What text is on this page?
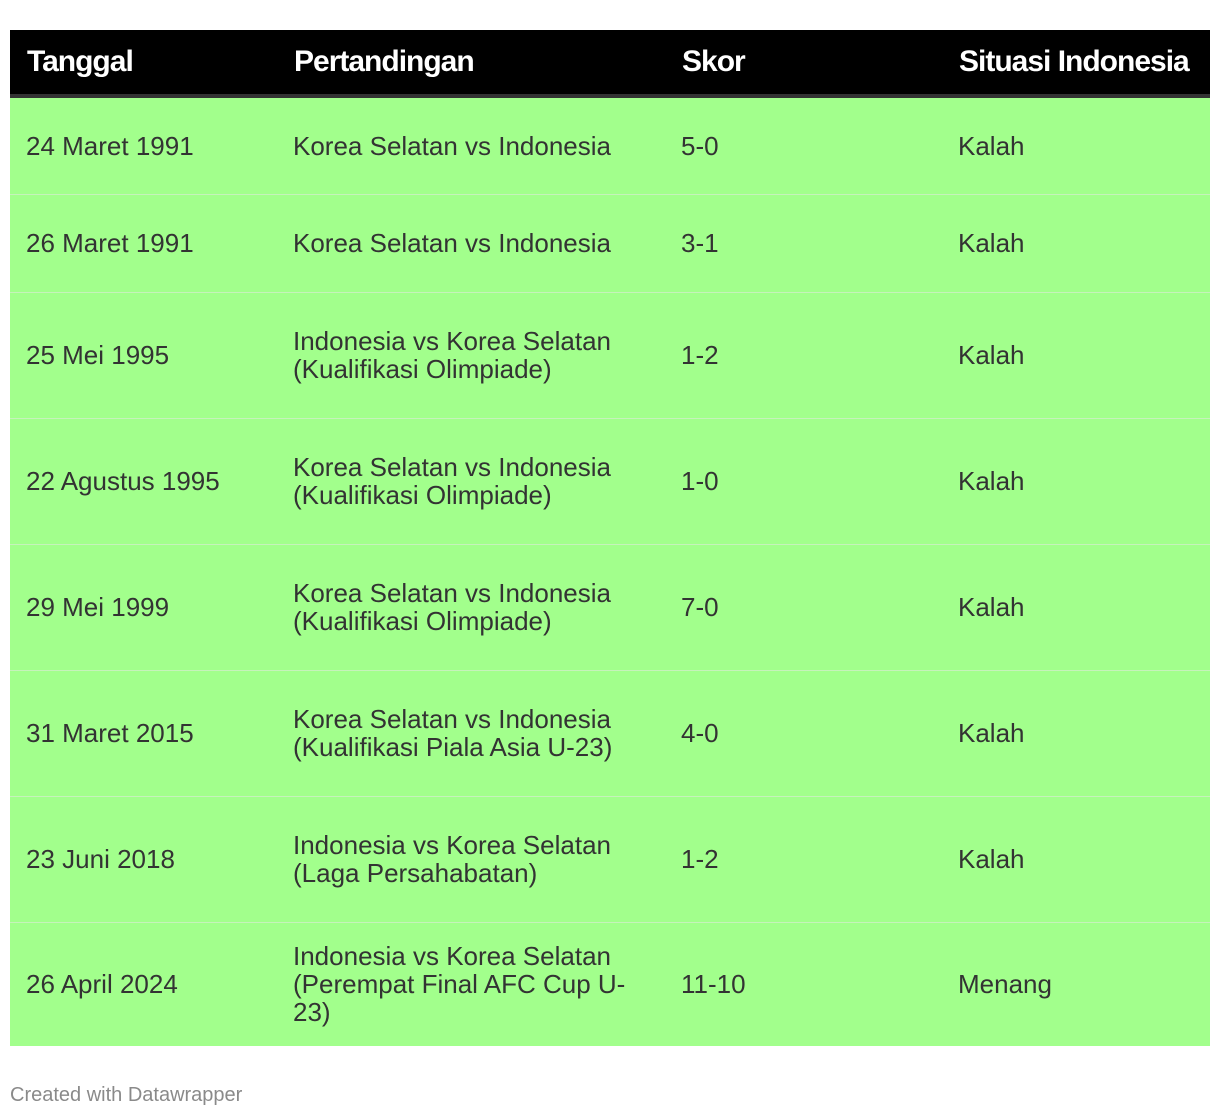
Tanggal	Pertandingan	Skor	Situasi Indonesia
24 Maret 1991	Korea Selatan vs Indonesia	5-0	Kalah
26 Maret 1991	Korea Selatan vs Indonesia	3-1	Kalah
25 Mei 1995	Indonesia vs Korea Selatan (Kualifikasi Olimpiade)	1-2	Kalah
22 Agustus 1995	Korea Selatan vs Indonesia (Kualifikasi Olimpiade)	1-0	Kalah
29 Mei 1999	Korea Selatan vs Indonesia (Kualifikasi Olimpiade)	7-0	Kalah
31 Maret 2015	Korea Selatan vs Indonesia (Kualifikasi Piala Asia U-23)	4-0	Kalah
23 Juni 2018	Indonesia vs Korea Selatan (Laga Persahabatan)	1-2	Kalah
26 April 2024	Indonesia vs Korea Selatan (Perempat Final AFC Cup U-23)	11-10	Menang
Created with Datawrapper
